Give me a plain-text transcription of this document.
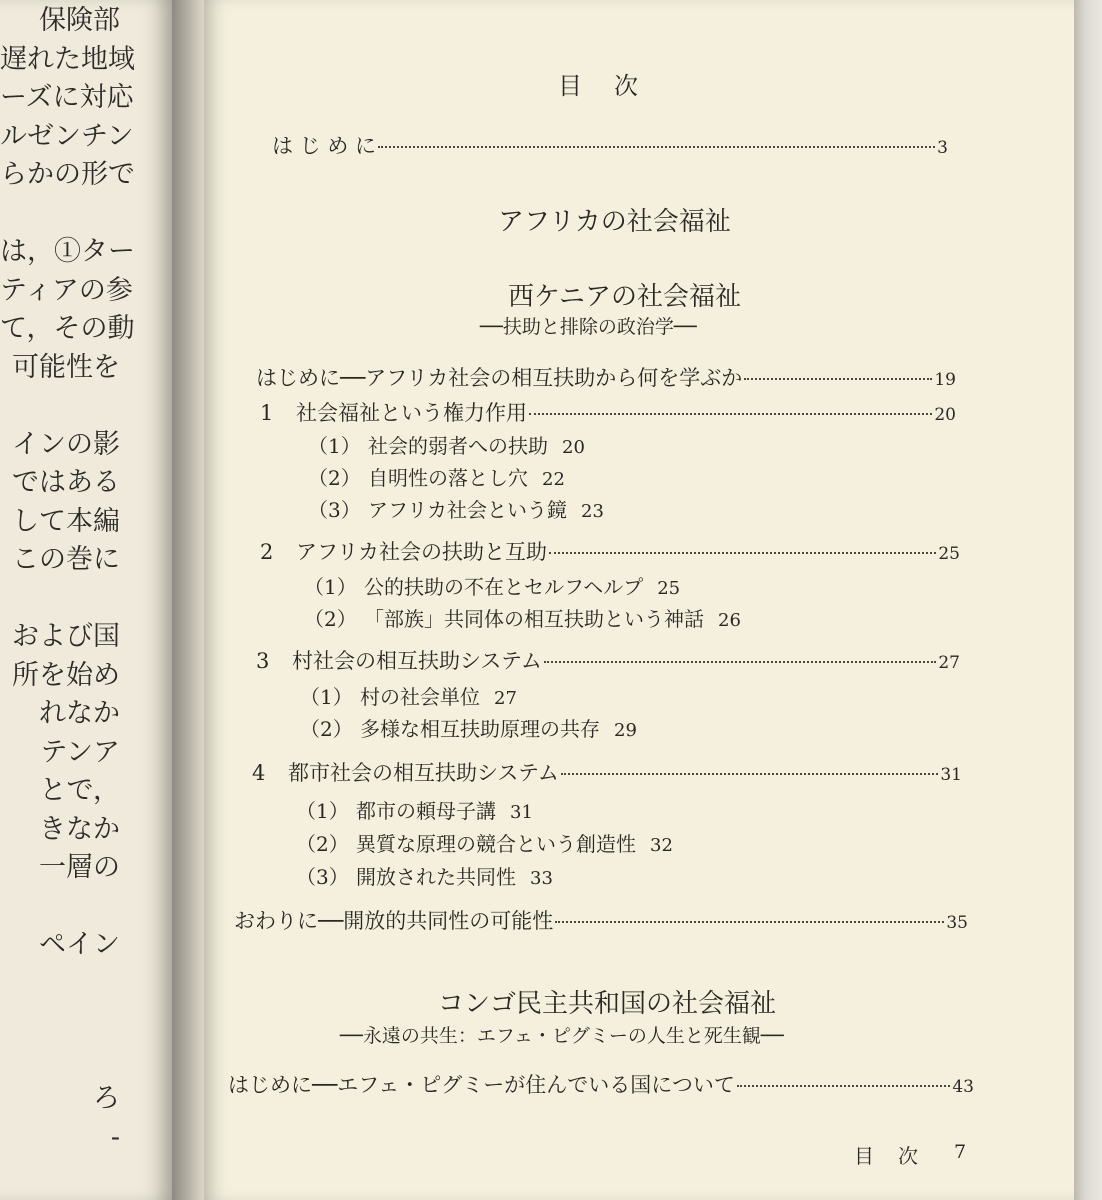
保険部
遅れた地域
ーズに対応
ルゼンチン
らかの形で
は，①ター
ティアの参
て，その動
可能性を
インの影
ではある
して本編
この巻に
および国
所を始め
れなか
テンア
とで，
きなか
一層の
ペイン
ろ
-
目　次
は じ め に	3
アフリカの社会福祉
西ケニアの社会福祉
──扶助と排除の政治学──
はじめに──アフリカ社会の相互扶助から何を学ぶか	19
1 社会福祉という権力作用	20
（1） 社会的弱者への扶助 20
（2） 自明性の落とし穴 22
（3） アフリカ社会という鏡 23
2 アフリカ社会の扶助と互助	25
（1） 公的扶助の不在とセルフヘルプ 25
（2） 「部族」共同体の相互扶助という神話 26
3 村社会の相互扶助システム	27
（1） 村の社会単位 27
（2） 多様な相互扶助原理の共存 29
4 都市社会の相互扶助システム	31
（1） 都市の頼母子講 31
（2） 異質な原理の競合という創造性 32
（3） 開放された共同性 33
おわりに──開放的共同性の可能性	35
コンゴ民主共和国の社会福祉
──永遠の共生：エフェ・ピグミーの人生と死生観──
はじめに──エフェ・ピグミーが住んでいる国について	43
目　次 7
